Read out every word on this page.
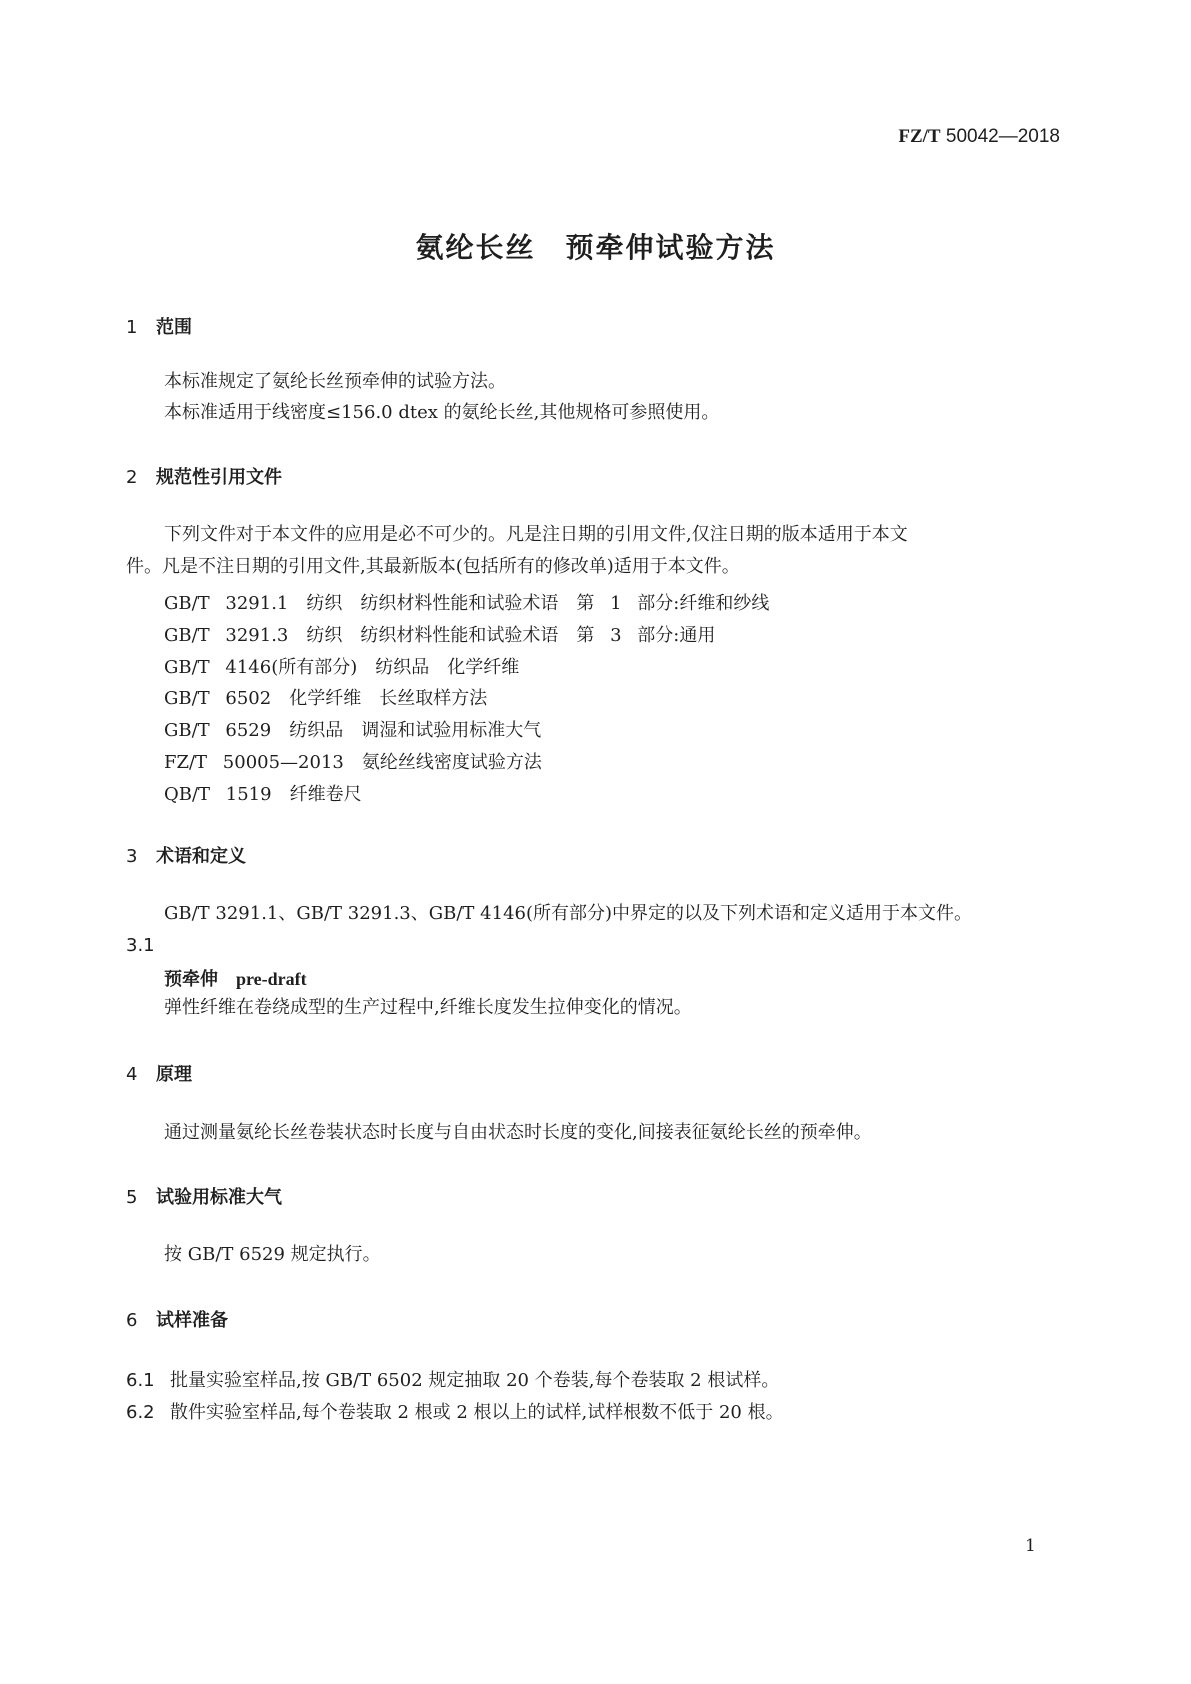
FZ/T 50042—2018
氨纶长丝　预牵伸试验方法
1 范围
本标准规定了氨纶长丝预牵伸的试验方法。
本标准适用于线密度≤156.0 dtex 的氨纶长丝,其他规格可参照使用。
2 规范性引用文件
下列文件对于本文件的应用是必不可少的。凡是注日期的引用文件,仅注日期的版本适用于本文
件。凡是不注日期的引用文件,其最新版本(包括所有的修改单)适用于本文件。
GB/T 3291.1　纺织　纺织材料性能和试验术语　第 1 部分:纤维和纱线
GB/T 3291.3　纺织　纺织材料性能和试验术语　第 3 部分:通用
GB/T 4146(所有部分)　纺织品　化学纤维
GB/T 6502　化学纤维　长丝取样方法
GB/T 6529　纺织品　调湿和试验用标准大气
FZ/T 50005—2013　氨纶丝线密度试验方法
QB/T 1519　纤维卷尺
3 术语和定义
GB/T 3291.1、GB/T 3291.3、GB/T 4146(所有部分)中界定的以及下列术语和定义适用于本文件。
3.1
预牵伸 pre-draft
弹性纤维在卷绕成型的生产过程中,纤维长度发生拉伸变化的情况。
4 原理
通过测量氨纶长丝卷装状态时长度与自由状态时长度的变化,间接表征氨纶长丝的预牵伸。
5 试验用标准大气
按 GB/T 6529 规定执行。
6 试样准备
6.1 批量实验室样品,按 GB/T 6502 规定抽取 20 个卷装,每个卷装取 2 根试样。
6.2 散件实验室样品,每个卷装取 2 根或 2 根以上的试样,试样根数不低于 20 根。
1
